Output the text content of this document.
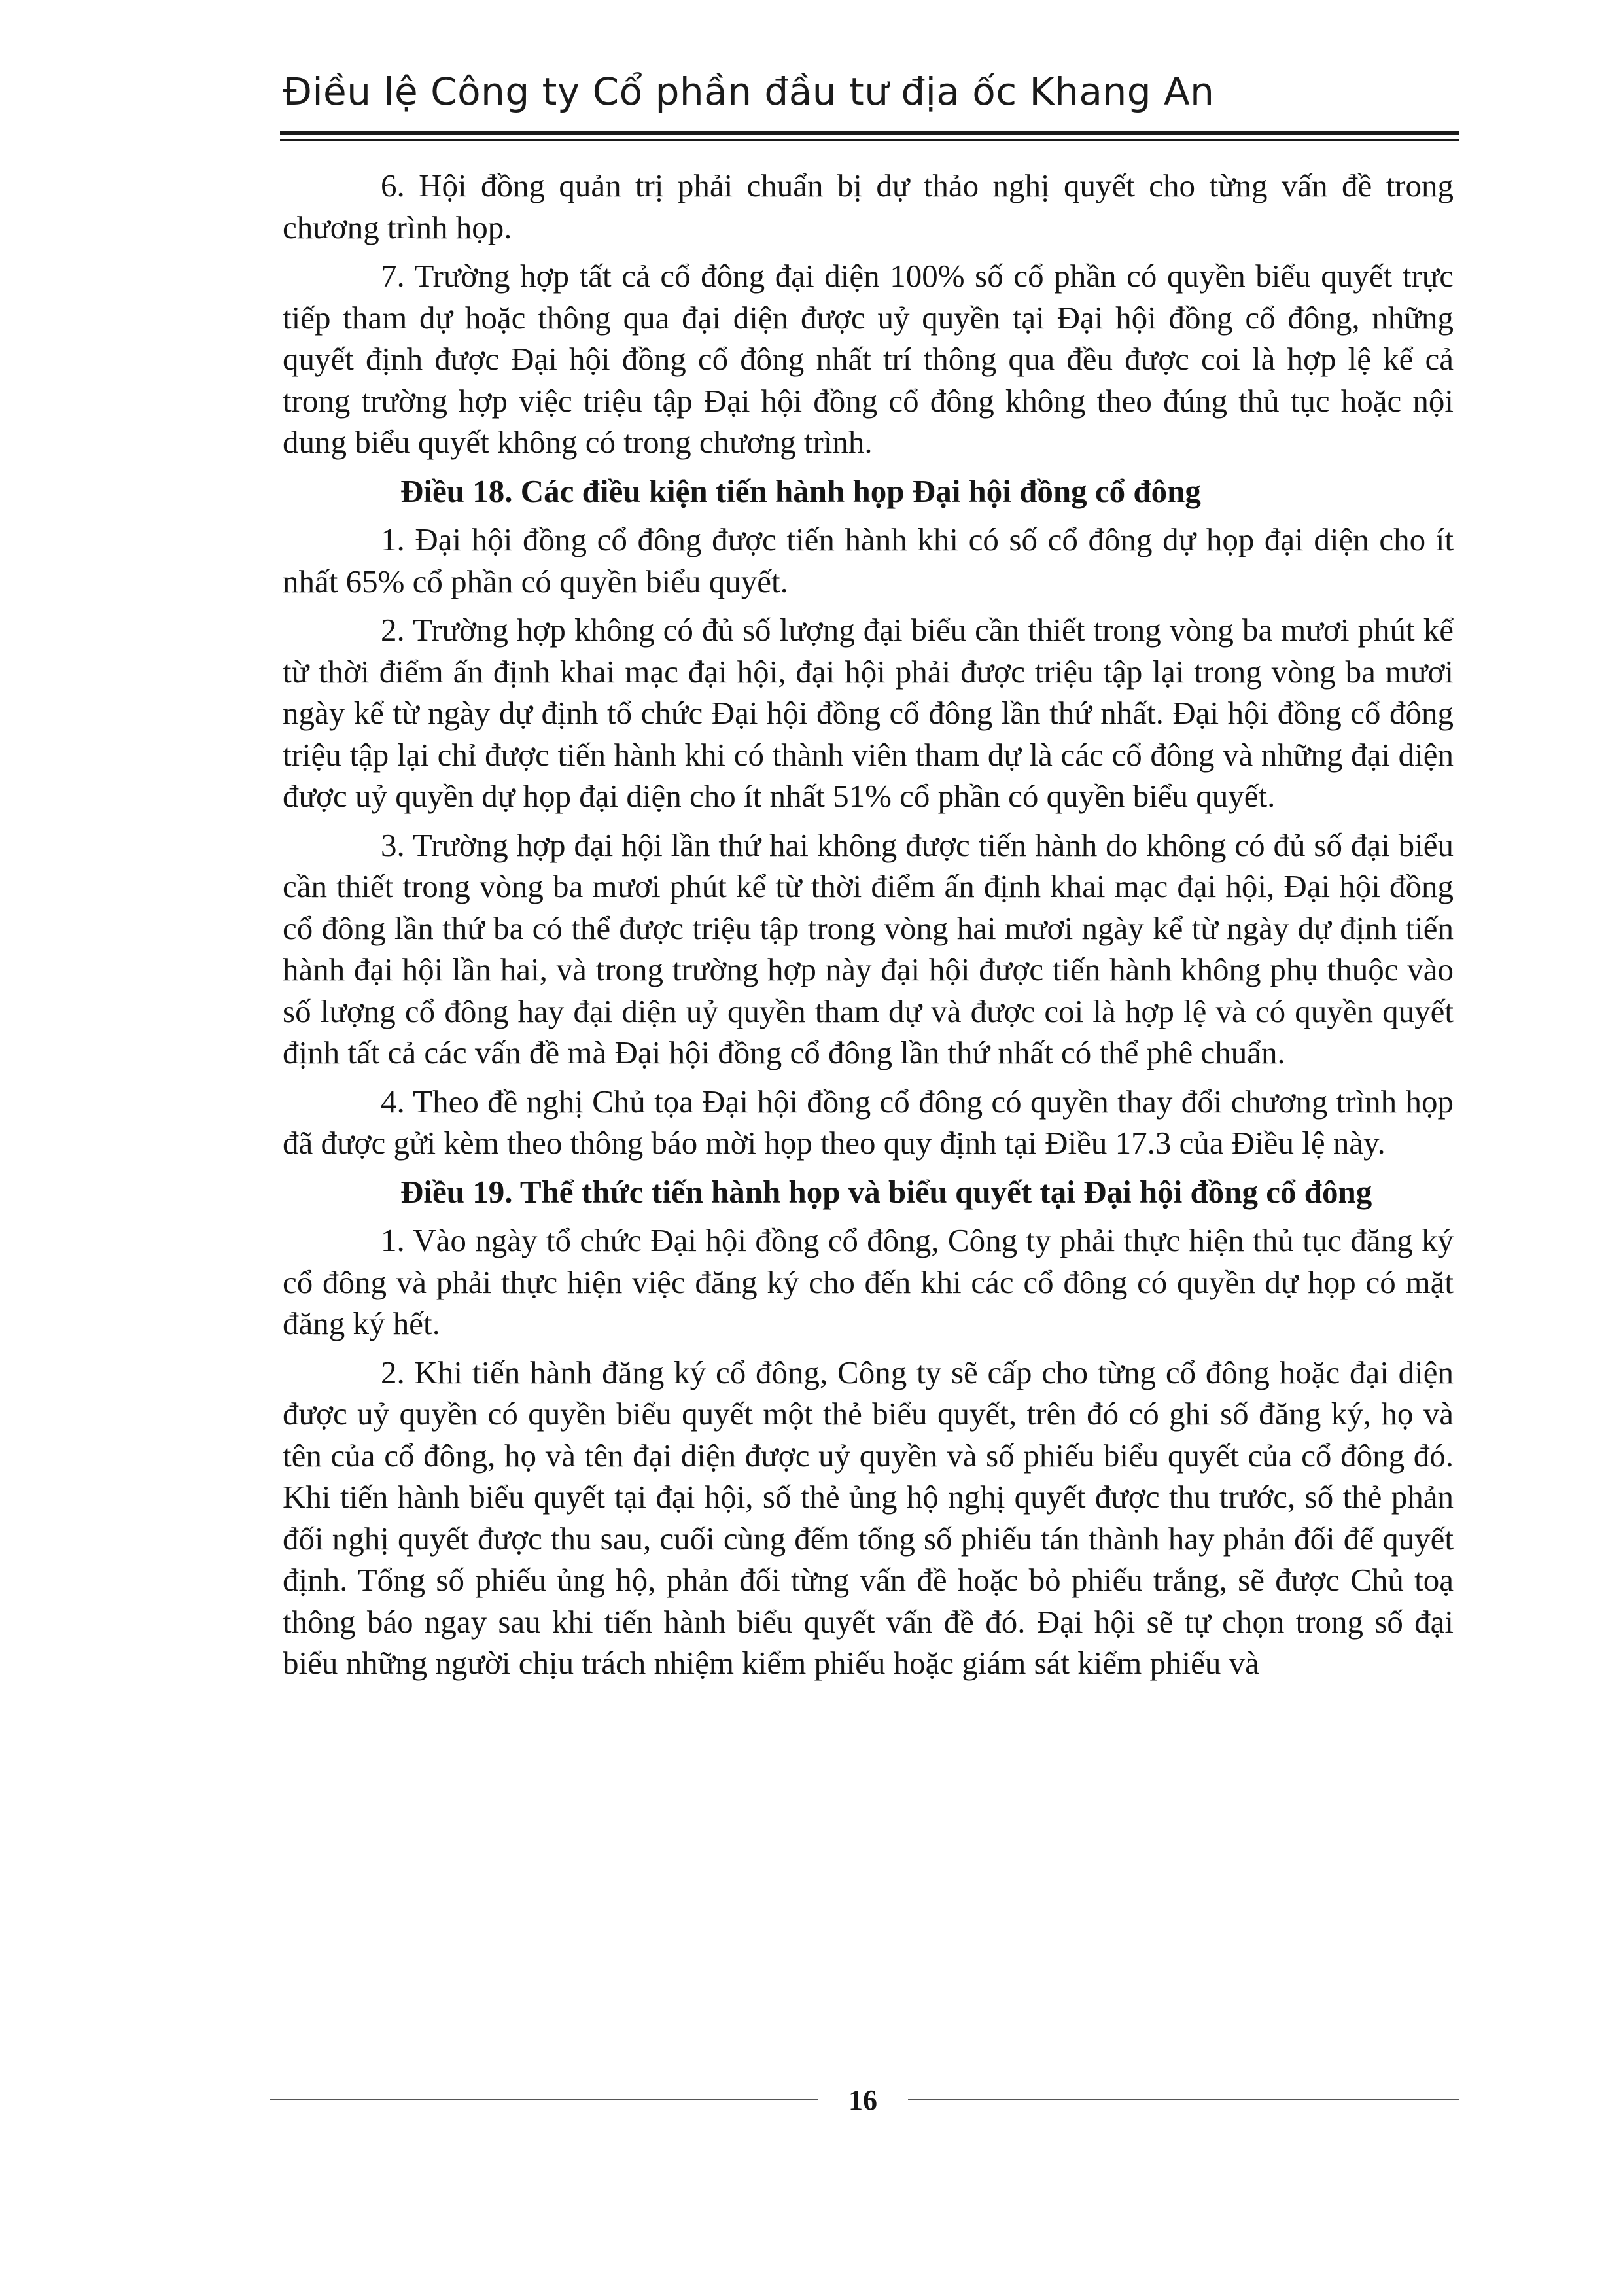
Điều lệ Công ty Cổ phần đầu tư địa ốc Khang An

6. Hội đồng quản trị phải chuẩn bị dự thảo nghị quyết cho từng vấn đề trong chương trình họp.

7. Trường hợp tất cả cổ đông đại diện 100% số cổ phần có quyền biểu quyết trực tiếp tham dự hoặc thông qua đại diện được uỷ quyền tại Đại hội đồng cổ đông, những quyết định được Đại hội đồng cổ đông nhất trí thông qua đều được coi là hợp lệ kể cả trong trường hợp việc triệu tập Đại hội đồng cổ đông không theo đúng thủ tục hoặc nội dung biểu quyết không có trong chương trình.

Điều 18. Các điều kiện tiến hành họp Đại hội đồng cổ đông

1. Đại hội đồng cổ đông được tiến hành khi có số cổ đông dự họp đại diện cho ít nhất 65% cổ phần có quyền biểu quyết.

2. Trường hợp không có đủ số lượng đại biểu cần thiết trong vòng ba mươi phút kể từ thời điểm ấn định khai mạc đại hội, đại hội phải được triệu tập lại trong vòng ba mươi ngày kể từ ngày dự định tổ chức Đại hội đồng cổ đông lần thứ nhất. Đại hội đồng cổ đông triệu tập lại chỉ được tiến hành khi có thành viên tham dự là các cổ đông và những đại diện được uỷ quyền dự họp đại diện cho ít nhất 51% cổ phần có quyền biểu quyết.

3. Trường hợp đại hội lần thứ hai không được tiến hành do không có đủ số đại biểu cần thiết trong vòng ba mươi phút kể từ thời điểm ấn định khai mạc đại hội, Đại hội đồng cổ đông lần thứ ba có thể được triệu tập trong vòng hai mươi ngày kể từ ngày dự định tiến hành đại hội lần hai, và trong trường hợp này đại hội được tiến hành không phụ thuộc vào số lượng cổ đông hay đại diện uỷ quyền tham dự và được coi là hợp lệ và có quyền quyết định tất cả các vấn đề mà Đại hội đồng cổ đông lần thứ nhất có thể phê chuẩn.

4. Theo đề nghị Chủ tọa Đại hội đồng cổ đông có quyền thay đổi chương trình họp đã được gửi kèm theo thông báo mời họp theo quy định tại Điều 17.3 của Điều lệ này.

Điều 19. Thể thức tiến hành họp và biểu quyết tại Đại hội đồng cổ đông

1. Vào ngày tổ chức Đại hội đồng cổ đông, Công ty phải thực hiện thủ tục đăng ký cổ đông và phải thực hiện việc đăng ký cho đến khi các cổ đông có quyền dự họp có mặt đăng ký hết.

2. Khi tiến hành đăng ký cổ đông, Công ty sẽ cấp cho từng cổ đông hoặc đại diện được uỷ quyền có quyền biểu quyết một thẻ biểu quyết, trên đó có ghi số đăng ký, họ và tên của cổ đông, họ và tên đại diện được uỷ quyền và số phiếu biểu quyết của cổ đông đó. Khi tiến hành biểu quyết tại đại hội, số thẻ ủng hộ nghị quyết được thu trước, số thẻ phản đối nghị quyết được thu sau, cuối cùng đếm tổng số phiếu tán thành hay phản đối để quyết định. Tổng số phiếu ủng hộ, phản đối từng vấn đề hoặc bỏ phiếu trắng, sẽ được Chủ toạ thông báo ngay sau khi tiến hành biểu quyết vấn đề đó. Đại hội sẽ tự chọn trong số đại biểu những người chịu trách nhiệm kiểm phiếu hoặc giám sát kiểm phiếu và

16
